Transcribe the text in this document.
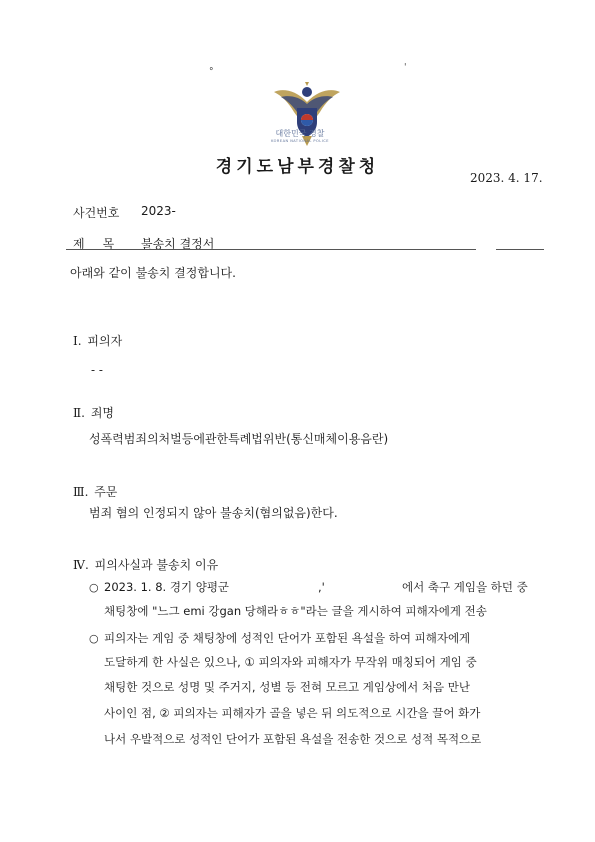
°	'
대한민국 경찰
KOREAN NATIONAL POLICE
경기도남부경찰청
2023. 4. 17.
사건번호 2023-
제목 불송치 결정서
아래와 같이 불송치 결정합니다.
Ⅰ. 피의자
- -
Ⅱ. 죄명
성폭력범죄의처벌등에관한특례법위반(통신매체이용음란)
Ⅲ. 주문
범죄 혐의 인정되지 않아 불송치(혐의없음)한다.
Ⅳ. 피의사실과 불송치 이유
○ 2023. 1. 8. 경기 양평군	,'	에서 축구 게임을 하던 중
채팅창에 "느그 emi 강gan 당해라ㅎㅎ"라는 글을 게시하여 피해자에게 전송
○ 피의자는 게임 중 채팅창에 성적인 단어가 포함된 욕설을 하여 피해자에게
도달하게 한 사실은 있으나, ① 피의자와 피해자가 무작위 매칭되어 게임 중
채팅한 것으로 성명 및 주거지, 성별 등 전혀 모르고 게임상에서 처음 만난
사이인 점, ② 피의자는 피해자가 골을 넣은 뒤 의도적으로 시간을 끌어 화가
나서 우발적으로 성적인 단어가 포함된 욕설을 전송한 것으로 성적 목적으로
